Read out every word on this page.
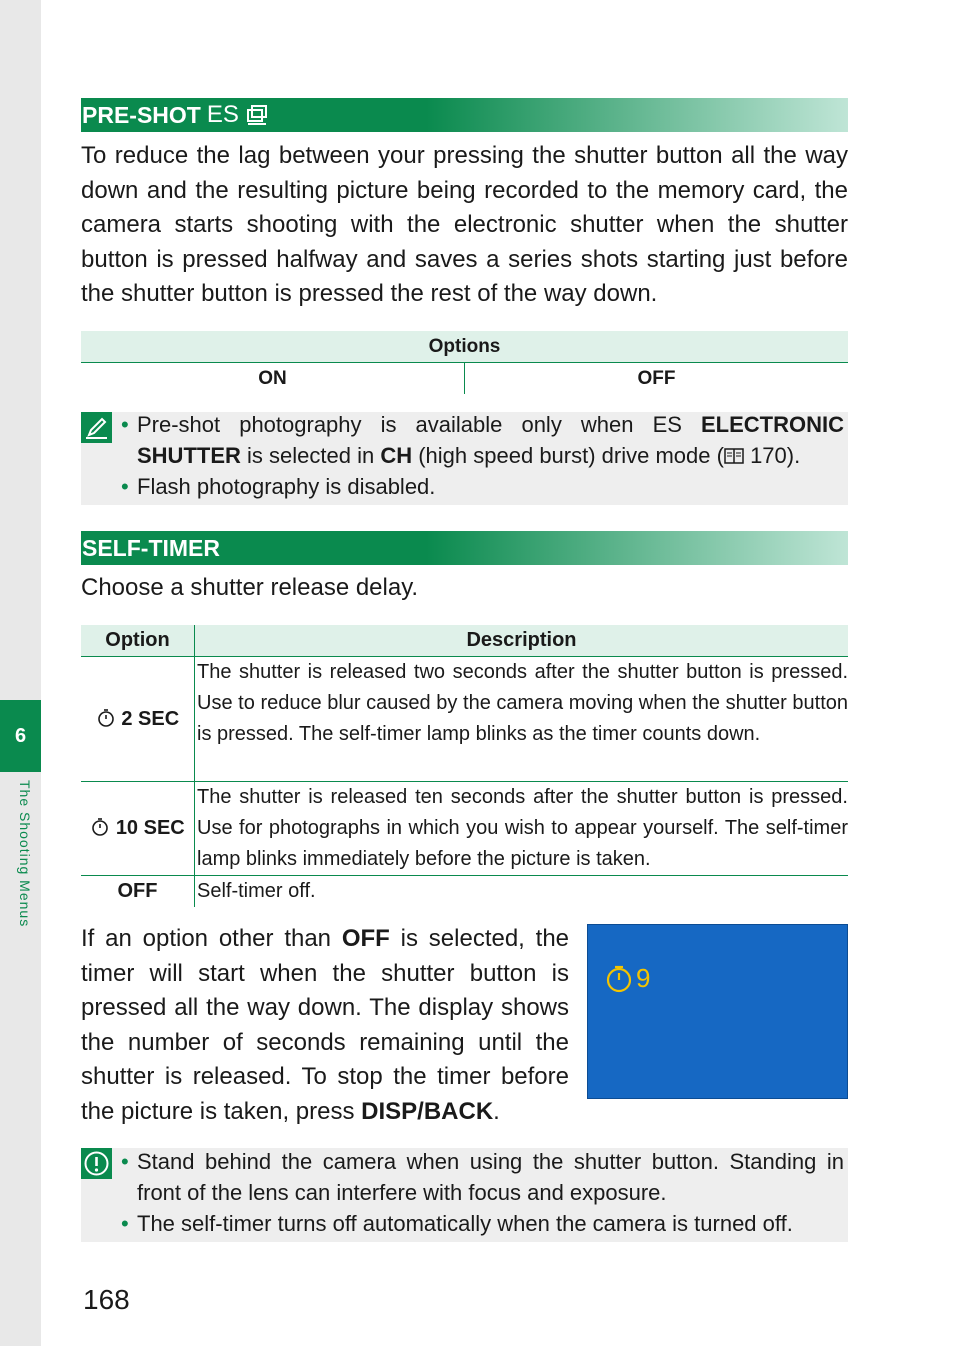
6
The Shooting Menus
PRE-SHOT ES

To reduce the lag between your pressing the shutter button all the way down and the resulting picture being recorded to the memory card, the camera starts shooting with the electronic shutter when the shutter button is pressed halfway and saves a series shots starting just before the shutter button is pressed the rest of the way down.

Options
ON	OFF
• Pre-shot photography is available only when ES ELECTRONIC SHUTTER is selected in CH (high speed burst) drive mode ( 170).
• Flash photography is disabled.
SELF-TIMER

Choose a shutter release delay.

Option	Description
2 SEC	The shutter is released two seconds after the shutter button is pressed. Use to reduce blur caused by the camera moving when the shutter button is pressed. The self-timer lamp blinks as the timer counts down.
10 SEC	The shutter is released ten seconds after the shutter button is pressed. Use for photographs in which you wish to appear yourself. The self-timer lamp blinks immediately before the picture is taken.
OFF	Self-timer off.

If an option other than OFF is selected, the timer will start when the shutter button is pressed all the way down. The display shows the number of seconds remaining until the shutter is released. To stop the timer before the picture is taken, press DISP/BACK.

9
• Stand behind the camera when using the shutter button. Standing in front of the lens can interfere with focus and exposure.
• The self-timer turns off automatically when the camera is turned off.
168
